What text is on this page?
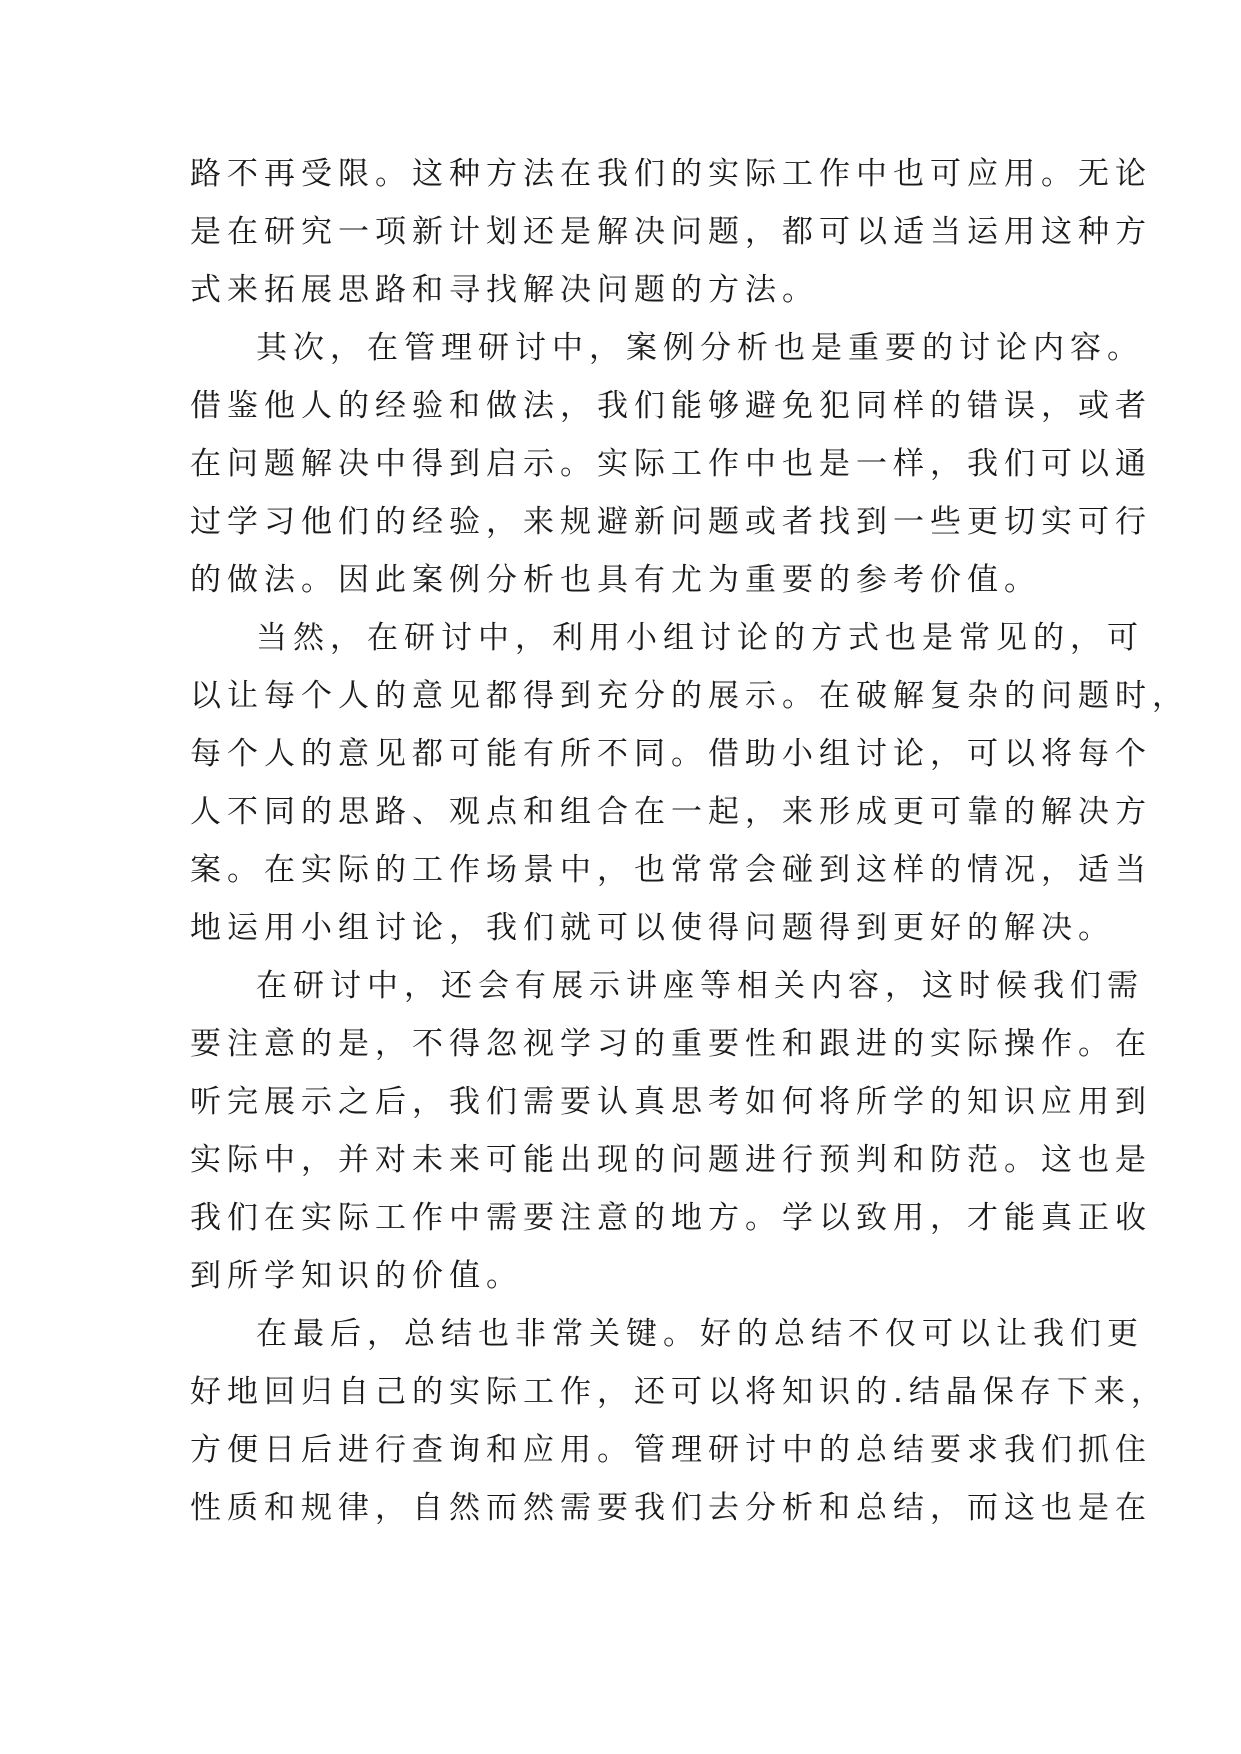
路不再受限。这种方法在我们的实际工作中也可应用。无论
是在研究一项新计划还是解决问题，都可以适当运用这种方
式来拓展思路和寻找解决问题的方法。
其次，在管理研讨中，案例分析也是重要的讨论内容。
借鉴他人的经验和做法，我们能够避免犯同样的错误，或者
在问题解决中得到启示。实际工作中也是一样，我们可以通
过学习他们的经验，来规避新问题或者找到一些更切实可行
的做法。因此案例分析也具有尤为重要的参考价值。
当然，在研讨中，利用小组讨论的方式也是常见的，可
以让每个人的意见都得到充分的展示。在破解复杂的问题时，
每个人的意见都可能有所不同。借助小组讨论，可以将每个
人不同的思路、观点和组合在一起，来形成更可靠的解决方
案。在实际的工作场景中，也常常会碰到这样的情况，适当
地运用小组讨论，我们就可以使得问题得到更好的解决。
在研讨中，还会有展示讲座等相关内容，这时候我们需
要注意的是，不得忽视学习的重要性和跟进的实际操作。在
听完展示之后，我们需要认真思考如何将所学的知识应用到
实际中，并对未来可能出现的问题进行预判和防范。这也是
我们在实际工作中需要注意的地方。学以致用，才能真正收
到所学知识的价值。
在最后，总结也非常关键。好的总结不仅可以让我们更
好地回归自己的实际工作，还可以将知识的.结晶保存下来，
方便日后进行查询和应用。管理研讨中的总结要求我们抓住
性质和规律，自然而然需要我们去分析和总结，而这也是在
